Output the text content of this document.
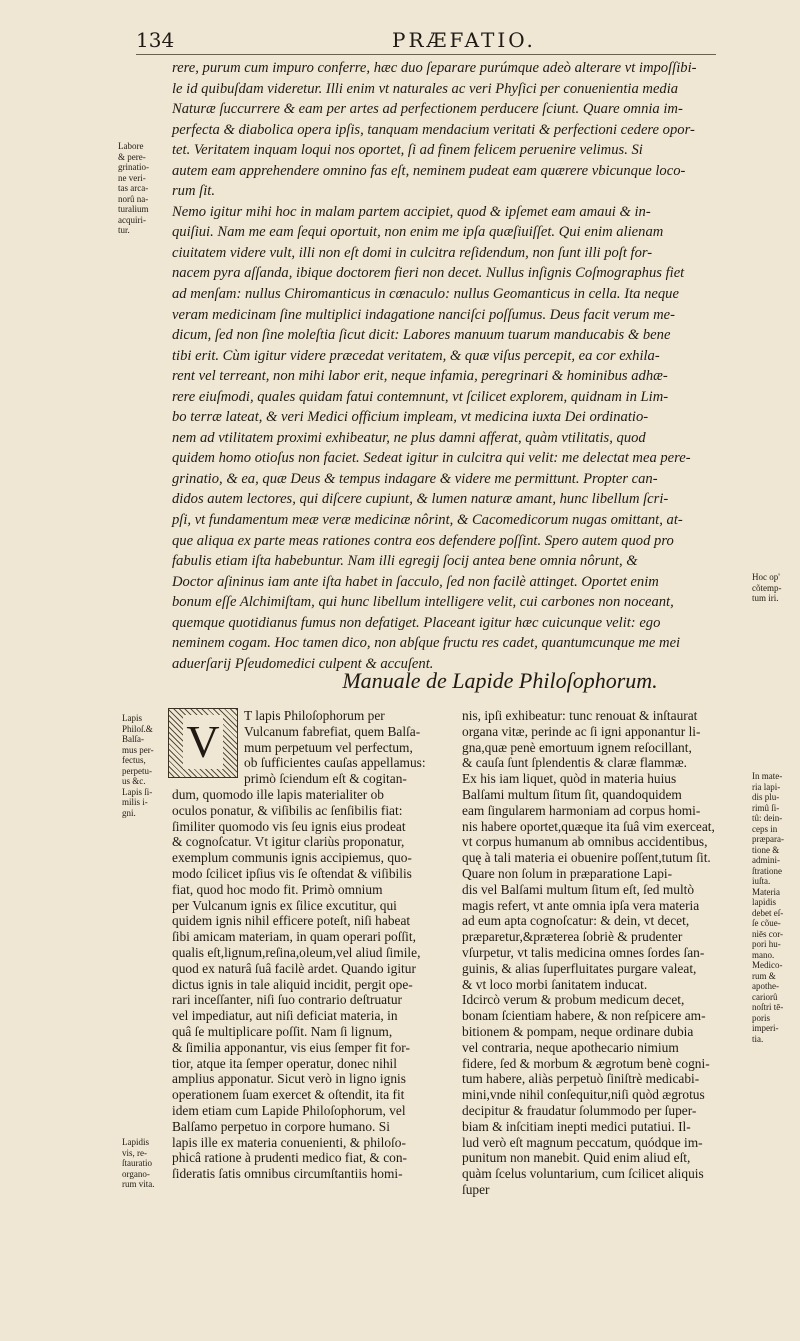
134	PRÆFATIO.
Labore
& pere-
grinatio-
ne veri-
tas arca-
norû na-
turalium
acquiri-
tur.
rere, purum cum impuro conferre, hæc duo ſeparare purúmque adeò alterare vt impoſſibi-
le id quibuſdam videretur. Illi enim vt naturales ac veri Phyſici per conuenientia media
Naturæ ſuccurrere & eam per artes ad perfectionem perducere ſciunt. Quare omnia im-
perfecta & diabolica opera ipſis, tanquam mendacium veritati & perfectioni cedere opor-
tet. Veritatem inquam loqui nos oportet, ſi ad finem felicem peruenire velimus. Si
autem eam apprehendere omnino fas eſt, neminem pudeat eam quærere vbicunque loco-
rum ſit.
Nemo igitur mihi hoc in malam partem accipiet, quod & ipſemet eam amaui & in-
quiſiui. Nam me eam ſequi oportuit, non enim me ipſa quæſiuiſſet. Qui enim alienam
ciuitatem videre vult, illi non eſt domi in culcitra reſidendum, non ſunt illi poſt for-
nacem pyra aſſanda, ibique doctorem fieri non decet. Nullus inſignis Coſmographus fiet
ad menſam: nullus Chiromanticus in cœnaculo: nullus Geomanticus in cella. Ita neque
veram medicinam ſine multiplici indagatione nanciſci poſſumus. Deus facit verum me-
dicum, ſed non ſine moleſtia ſicut dicit: Labores manuum tuarum manducabis & bene
tibi erit. Cùm igitur videre præcedat veritatem, & quæ viſus percepit, ea cor exhila-
rent vel terreant, non mihi labor erit, neque infamia, peregrinari & hominibus adhæ-
rere eiuſmodi, quales quidam fatui contemnunt, vt ſcilicet explorem, quidnam in Lim-
bo terræ lateat, & veri Medici officium impleam, vt medicina iuxta Dei ordinatio-
nem ad vtilitatem proximi exhibeatur, ne plus damni afferat, quàm vtilitatis, quod
quidem homo otioſus non faciet. Sedeat igitur in culcitra qui velit: me delectat mea pere-
grinatio, & ea, quæ Deus & tempus indagare & videre me permittunt. Propter can-
didos autem lectores, qui diſcere cupiunt, & lumen naturæ amant, hunc libellum ſcri-
pſi, vt fundamentum meæ veræ medicinæ nôrint, & Cacomedicorum nugas omittant, at-
que aliqua ex parte meas rationes contra eos defendere poſſint. Spero autem quod pro
fabulis etiam iſta habebuntur. Nam illi egregij ſocij antea bene omnia nôrunt, &
Doctor aſininus iam ante iſta habet in ſacculo, ſed non facilè attinget. Oportet enim
bonum eſſe Alchimiſtam, qui hunc libellum intelligere velit, cui carbones non noceant,
quemque quotidianus fumus non defatiget. Placeant igitur hæc cuicunque velit: ego
neminem cogam. Hoc tamen dico, non abſque fructu res cadet, quantumcunque me mei
aduerſarij Pſeudomedici culpent & accuſent.
Hoc op'
cõtemp-
tum iri.
Manuale de Lapide Philoſophorum.
Lapis
Philoſ.&
Balſa-
mus per-
fectus,
perpetu-
us &c.
Lapis ſi-
milis i-
gni.
T lapis Philoſophorum per
Vulcanum fabrefiat, quem Balſa-
mum perpetuum vel perfectum,
ob ſufficientes cauſas appellamus:
primò ſciendum eſt & cogitan-
dum, quomodo ille lapis materialiter ob
oculos ponatur, & viſibilis ac ſenſibilis fiat:
ſimiliter quomodo vis ſeu ignis eius prodeat
& cognoſcatur. Vt igitur clariùs proponatur,
exemplum communis ignis accipiemus, quo-
modo ſcilicet ipſius vis ſe oſtendat & viſibilis
fiat, quod hoc modo fit. Primò omnium
per Vulcanum ignis ex ſilice excutitur, qui
quidem ignis nihil efficere poteſt, niſi habeat
ſibi amicam materiam, in quam operari poſſit,
qualis eſt,lignum,reſina,oleum,vel aliud ſimile,
quod ex naturâ ſuâ facilè ardet. Quando igitur
dictus ignis in tale aliquid incidit, pergit ope-
rari inceſſanter, niſi ſuo contrario deſtruatur
vel impediatur, aut niſi deficiat materia, in
quâ ſe multiplicare poſſit. Nam ſi lignum,
& ſimilia apponantur, vis eius ſemper fit for-
tior, atque ita ſemper operatur, donec nihil
amplius apponatur. Sicut verò in ligno ignis
operationem ſuam exercet & oſtendit, ita fit
idem etiam cum Lapide Philoſophorum, vel
Balſamo perpetuo in corpore humano. Si
lapis ille ex materia conuenienti, & philoſo-
phicâ ratione à prudenti medico fiat, & con-
ſideratis ſatis omnibus circumſtantiis homi-
V
nis, ipſi exhibeatur: tunc renouat & inſtaurat
organa vitæ, perinde ac ſi igni apponantur li-
gna,quæ penè emortuum ignem reſocillant,
& cauſa ſunt ſplendentis & claræ flammæ.
Ex his iam liquet, quòd in materia huius
Balſami multum ſitum ſit, quandoquidem
eam ſingularem harmoniam ad corpus homi-
nis habere oportet,quæque ita ſuâ vim exerceat,
vt corpus humanum ab omnibus accidentibus,
quę à tali materia ei obuenire poſſent,tutum ſit.
Quare non ſolum in præparatione Lapi-
dis vel Balſami multum ſitum eſt, ſed multò
magis refert, vt ante omnia ipſa vera materia
ad eum apta cognoſcatur: & dein, vt decet,
præparetur,&præterea ſobriè & prudenter
vſurpetur, vt talis medicina omnes ſordes ſan-
guinis, & alias ſuperfluitates purgare valeat,
& vt loco morbi ſanitatem inducat.
Idcircò verum & probum medicum decet,
bonam ſcientiam habere, & non reſpicere am-
bitionem & pompam, neque ordinare dubia
vel contraria, neque apothecario nimium
fidere, ſed & morbum & ægrotum benè cogni-
tum habere, aliàs perpetuò ſiniſtrè medicabi-
mini,vnde nihil conſequitur,niſi quòd ægrotus
decipitur & fraudatur ſolummodo per ſuper-
biam & inſcitiam inepti medici putatiui. Il-
lud verò eſt magnum peccatum, quódque im-
punitum non manebit. Quid enim aliud eſt,
quàm ſcelus voluntarium, cum ſcilicet aliquis
ſuper
In mate-
ria lapi-
dis plu-
rimû ſi-
tû: dein-
ceps in
præpara-
tione &
admini-
ſtratione
iuſta.
Materia
lapidis
debet eſ-
ſe cõue-
niēs cor-
pori hu-
mano.
Medico-
rum &
apothe-
cariorû
noſtri tē-
poris
imperi-
tia.
Lapidis
vis, re-
ſtauratio
organo-
rum vita.
